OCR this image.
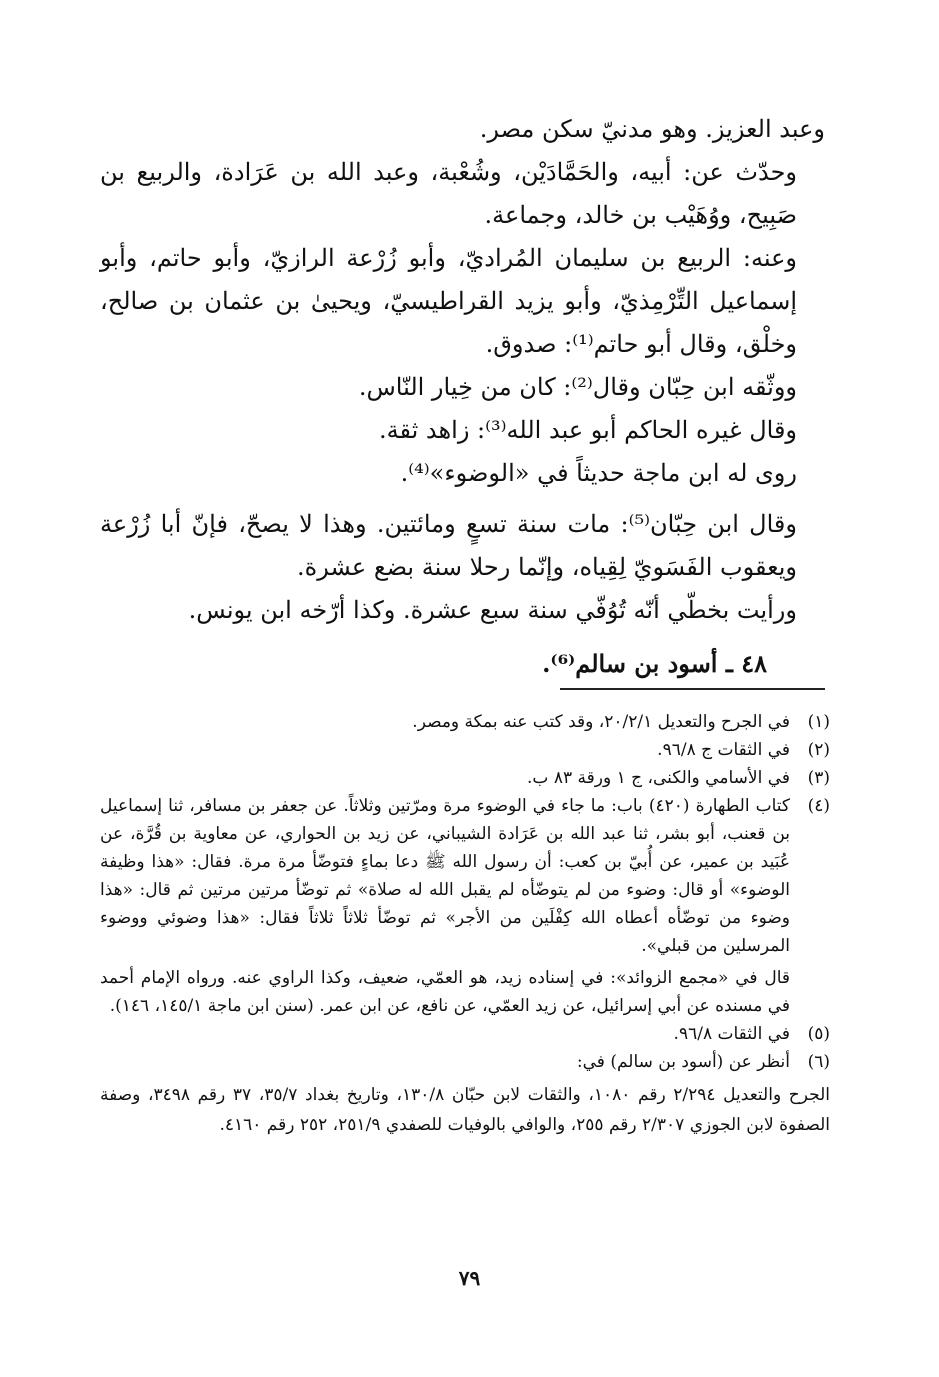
وعبد العزيز. وهو مدنيّ سكن مصر.

وحدّث عن: أبيه، والحَمَّادَيْن، وشُعْبة، وعبد الله بن عَرَادة، والربيع بن صَبِيح، ووُهَيْب بن خالد، وجماعة.

وعنه: الربيع بن سليمان المُراديّ، وأبو زُرْعة الرازيّ، وأبو حاتم، وأبو إسماعيل التِّرْمِذيّ، وأبو يزيد القراطيسيّ، ويحيىٰ بن عثمان بن صالح، وخلْق، وقال أبو حاتم⁽¹⁾: صدوق.

ووثّقه ابن حِبّان وقال⁽²⁾: كان من خِيار النّاس.

وقال غيره الحاكم أبو عبد الله⁽³⁾: زاهد ثقة.

روى له ابن ماجة حديثاً في «الوضوء»⁽⁴⁾.

وقال ابن حِبّان⁽⁵⁾: مات سنة تسعٍ ومائتين. وهذا لا يصحّ، فإنّ أبا زُرْعة ويعقوب الفَسَويّ لِقِياه، وإنّما رحلا سنة بضع عشرة.

ورأيت بخطّي أنّه تُوُفّي سنة سبع عشرة. وكذا أرّخه ابن يونس.

٤٨ ـ أسود بن سالم⁽⁶⁾.

(١)
في الجرح والتعديل ٢/١‏/٢٠، وقد كتب عنه بمكة ومصر.
(٢)
في الثقات ج ٨‏/٩٦.
(٣)
في الأسامي والكنى، ج ١ ورقة ٨٣ ب.
(٤)
كتاب الطهارة (٤٢٠) باب: ما جاء في الوضوء مرة ومرّتين وثلاثاً. عن جعفر بن مسافر، ثنا إسماعيل بن قعنب، أبو بشر، ثنا عبد الله بن عَرَادة الشيباني، عن زيد بن الحواري، عن معاوية بن قُرَّة، عن عُبَيد بن عمير، عن أُبيّ بن كعب: أن رسول الله ﷺ دعا بماءٍ فتوضّأ مرة مرة. فقال: «هذا وظيفة الوضوء» أو قال: وضوء من لم يتوضّأه لم يقبل الله له صلاة» ثم توضّأ مرتين مرتين ثم قال: «هذا وضوء من توضّأه أعطاه الله كِفْلَين من الأجر» ثم توضّأ ثلاثاً ثلاثاً فقال: «هذا وضوئي ووضوء المرسلين من قبلي».
قال في «مجمع الزوائد»: في إسناده زيد، هو العمّي، ضعيف، وكذا الراوي عنه. ورواه الإمام أحمد في مسنده عن أبي إسرائيل، عن زيد العمّي، عن نافع، عن ابن عمر. (سنن ابن ماجة ١٤٥/١، ١٤٦).
(٥)
في الثقات ٨‏/٩٦.
(٦)
أنظر عن (أسود بن سالم) في:
الجرح والتعديل ٢/٢٩٤ رقم ١٠٨٠، والثقات لابن حبّان ٨‏/١٣٠، وتاريخ بغداد ٧‏/٣٥، ٣٧ رقم ٣٤٩٨، وصفة الصفوة لابن الجوزي ٢/٣٠٧ رقم ٢٥٥، والوافي بالوفيات للصفدي ٩‏/٢٥١، ٢٥٢ رقم ٤١٦٠.
٧٩
